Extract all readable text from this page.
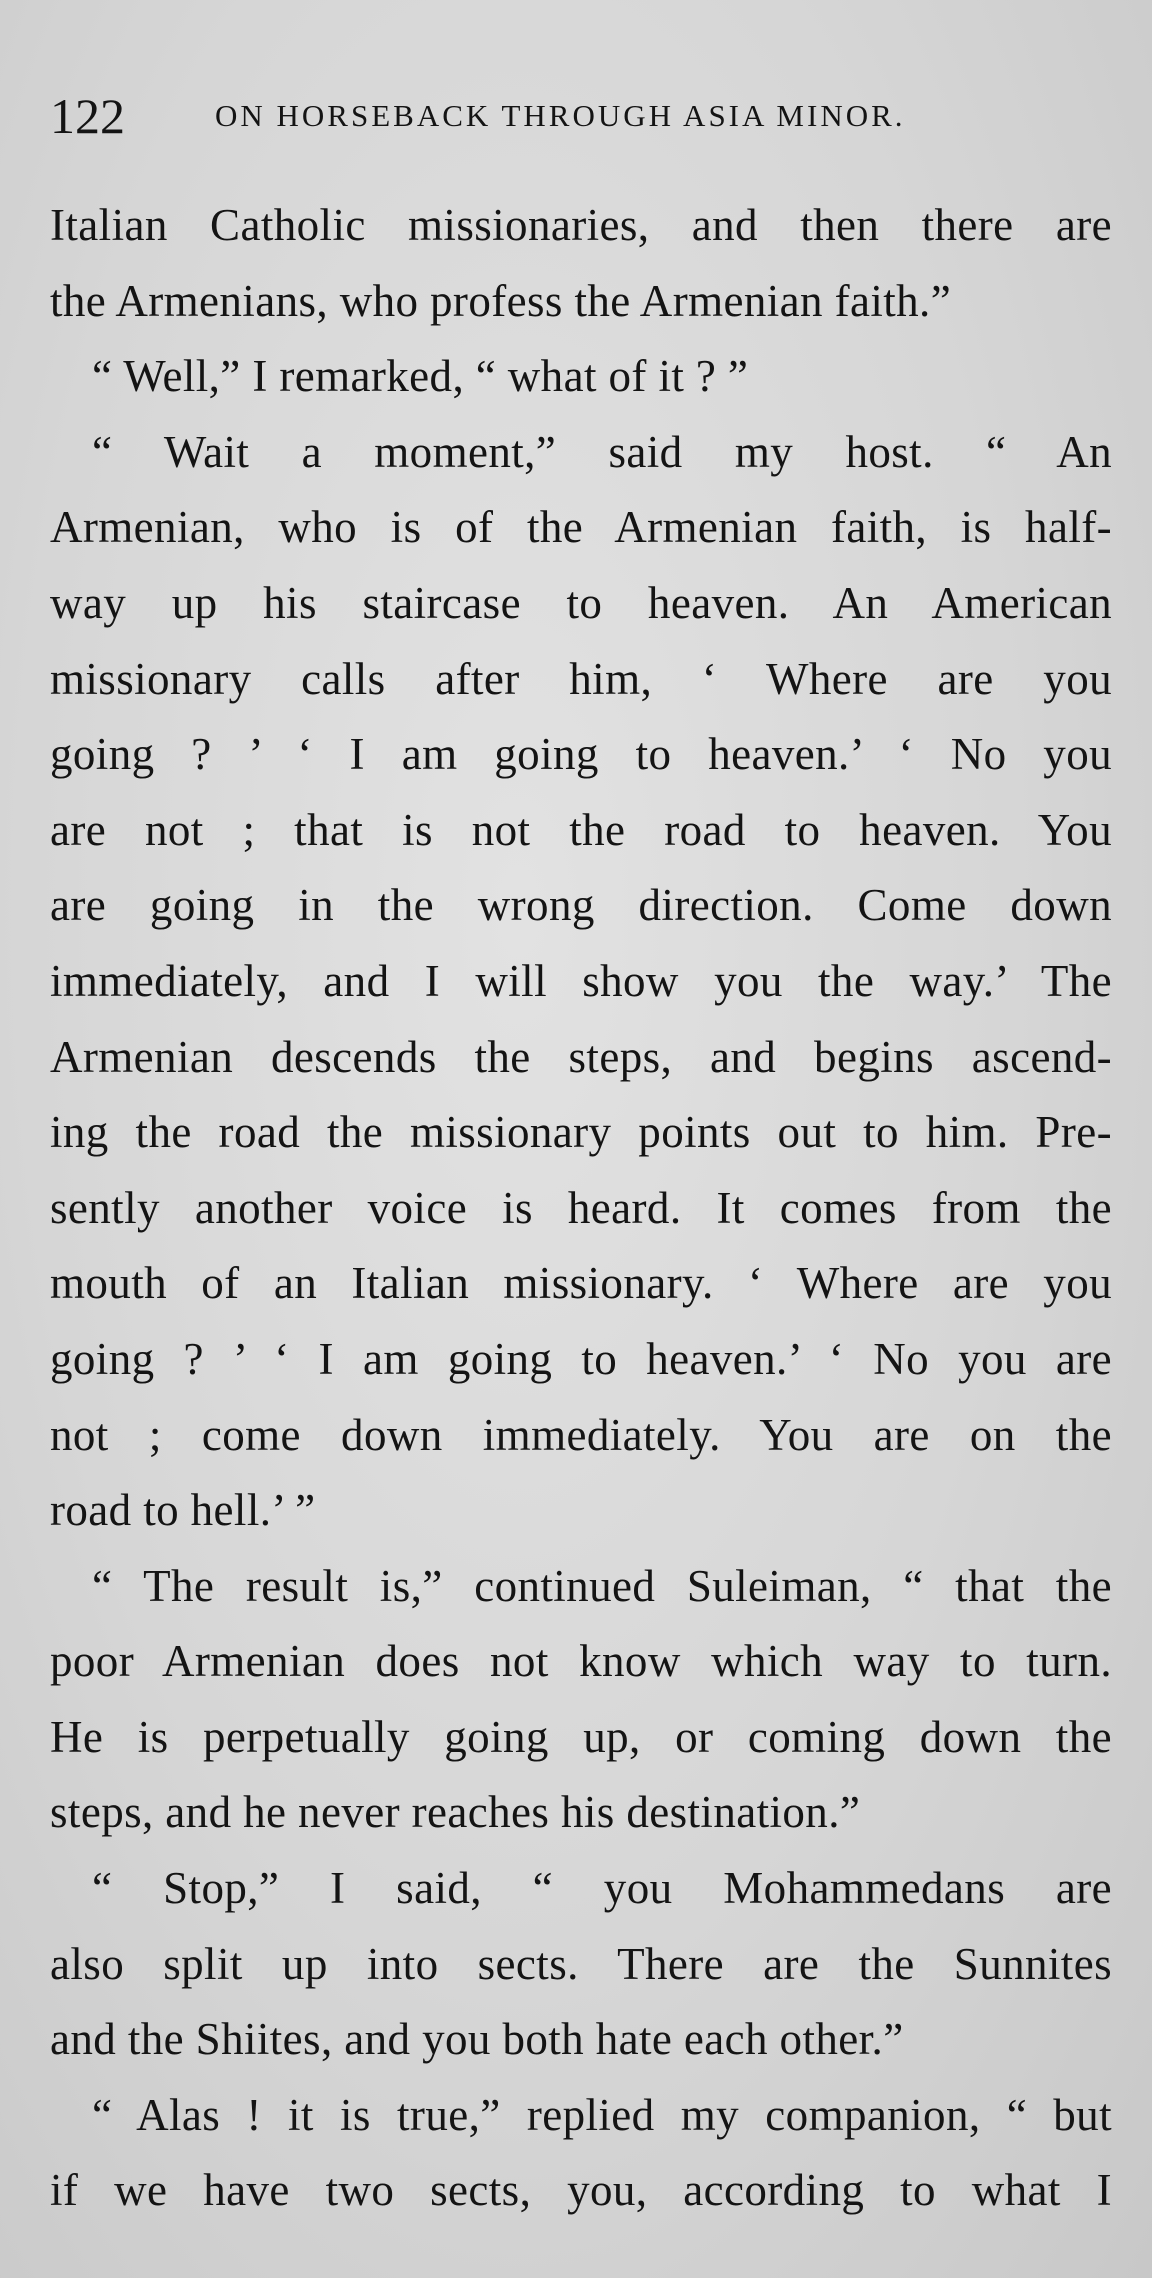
122	ON HORSEBACK THROUGH ASIA MINOR.
Italian Catholic missionaries, and then there are
the Armenians, who profess the Armenian faith.”
“ Well,” I remarked, “ what of it ? ”
“ Wait a moment,” said my host. “ An
Armenian, who is of the Armenian faith, is half-
way up his staircase to heaven. An American
missionary calls after him, ‘ Where are you
going ? ’ ‘ I am going to heaven.’ ‘ No you
are not ; that is not the road to heaven. You
are going in the wrong direction. Come down
immediately, and I will show you the way.’ The
Armenian descends the steps, and begins ascend-
ing the road the missionary points out to him. Pre-
sently another voice is heard. It comes from the
mouth of an Italian missionary. ‘ Where are you
going ? ’ ‘ I am going to heaven.’ ‘ No you are
not ; come down immediately. You are on the
road to hell.’ ”
“ The result is,” continued Suleiman, “ that the
poor Armenian does not know which way to turn.
He is perpetually going up, or coming down the
steps, and he never reaches his destination.”
“ Stop,” I said, “ you Mohammedans are
also split up into sects. There are the Sunnites
and the Shiites, and you both hate each other.”
“ Alas ! it is true,” replied my companion, “ but
if we have two sects, you, according to what I
